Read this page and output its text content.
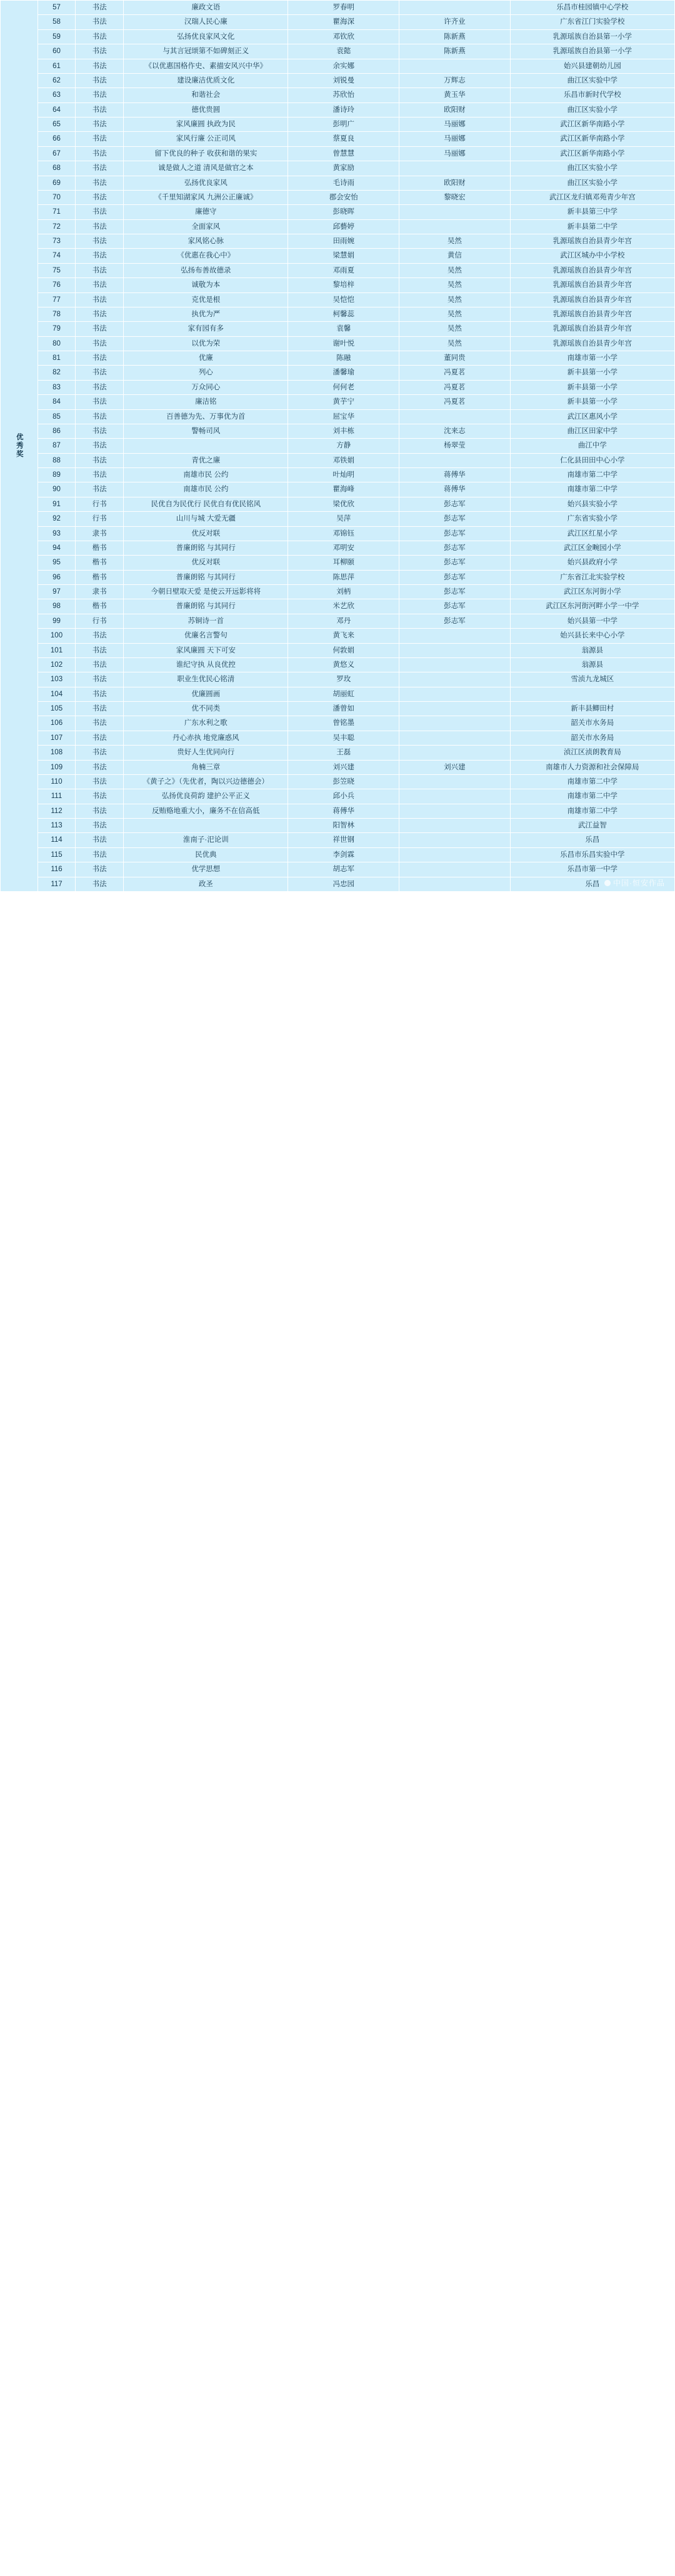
优秀奖	57	书法	廉政文语	罗春明		乐昌市桂园镇中心学校
	58	书法	汉瑞人民心廉	瞿海深	许齐业	广东省江门实验学校
	59	书法	弘扬优良家风文化	邓钦欣	陈新燕	乳源瑶族自治县第一小学
	60	书法	与其言冠颂第不如碑刻正义	袁懿	陈新燕	乳源瑶族自治县第一小学
	61	书法	《以优惠国格作史、素描安风兴中华》	余实娜		始兴县建朝幼儿园
	62	书法	建设廉洁优质文化	刘锐曼	万辉志	曲江区实验中学
	63	书法	和谐社会	苏欣怡	黄玉华	乐昌市新时代学校
	64	书法	德优贵圆	潘诗玲	欧阳财	曲江区实验小学
	65	书法	家风廉圆 执政为民	彭明广	马丽娜	武江区新华南路小学
	66	书法	家风行廉 公正司风	蔡夏良	马丽娜	武江区新华南路小学
	67	书法	留下优良的种子 收获和谐的果实	曾慧慧	马丽娜	武江区新华南路小学
	68	书法	诚是做人之道 清风是做官之本	黄家励		曲江区实验小学
	69	书法	弘扬优良家风	毛诗雨	欧阳财	曲江区实验小学
	70	书法	《千里知湖家风 九洲公正廉诚》	郡会安怡	黎晓宏	武江区龙归镇邓苑青少年宫
	71	书法	廉德守	彭晓晖		新丰县第三中学
	72	书法	全面家风	邱藝婷		新丰县第二中学
	73	书法	家风铭心脉	田雨婉	吴然	乳源瑶族自治县青少年宫
	74	书法	《优惠在我心中》	梁慧娟	黄信	武江区城办中小学校
	75	书法	弘扬布善故德录	邓雨夏	吴然	乳源瑶族自治县青少年宫
	76	书法	诚敬为本	黎培梓	吴然	乳源瑶族自治县青少年宫
	77	书法	克优是根	吴恺恺	吴然	乳源瑶族自治县青少年宫
	78	书法	执优为严	柯馨蕊	吴然	乳源瑶族自治县青少年宫
	79	书法	家有园有多	袁馨	吴然	乳源瑶族自治县青少年宫
	80	书法	以优为荣	谢叶悦	吴然	乳源瑶族自治县青少年宫
	81	书法	优廉	陈融	董同贵	南雄市第一小学
	82	书法	列心	潘馨瑜	冯夏茗	新丰县第一小学
	83	书法	万众同心	何何老	冯夏茗	新丰县第一小学
	84	书法	廉洁铭	黄芋宁	冯夏茗	新丰县第一小学
	85	书法	百善德为先、万事优为首	屈宝华		武江区惠风小学
	86	书法	警畅司风	刘丰栋	沈来志	曲江区田家中学
	87	书法		方静	杨翠莹	曲江中学
	88	书法	青优之廉	邓铁娟		仁化县田田中心小学
	89	书法	南雄市民 公约	叶灿明	蒋傅华	南雄市第二中学
	90	书法	南雄市民 公约	瞿海峰	蒋傅华	南雄市第二中学
	91	行书	民优自为民优行 民优自有优民铭风	梁优欣	彭志军	始兴县实验小学
	92	行书	山川与城 大爱无疆	吴萍	彭志军	广东省实验小学
	93	隶书	优反对联	邓锦钰	彭志军	武江区红星小学
	94	楷书	普廉朗铭 与其同行	邓明安	彭志军	武江区金畹园小学
	95	楷书	优反对联	耳柳颐	彭志军	始兴县政府小学
	96	楷书	普廉朗铭 与其同行	陈思萍	彭志军	广东省江北实验学校
	97	隶书	今朝日壁取天爱 是使云开远影将将	刘柄	彭志军	武江区东河街小学
	98	楷书	普廉朗铭 与其同行	米艺欣	彭志军	武江区东河街河畔小学一中学
	99	行书	苏铜诗一首	邓丹	彭志军	始兴县第一中学
	100	书法	优廉名言警句	黄飞来		始兴县长来中心小学
	101	书法	家风廉圆 天下可安	何敦娟		翁源县
	102	书法	谁纪守执 从良优控	黄悠义		翁源县
	103	书法	职业生优民心铭清	罗玫		雪浈九龙城区
	104	书法	优廉圆画	胡丽虹		
	105	书法	优不同类	潘曾如		新丰县鲫田村
	106	书法	广东水利之歌	曾铭墨		韶关市水务局
	107	书法	丹心赤执 地党廉惑风	吴丰聪		韶关市水务局
	108	书法	贵好人生优同向行	王磊		浈江区浈朗教育局
	109	书法	角楠三章	刘兴建	刘兴建	南雄市人力资源和社会保障局
	110	书法	《黄子之》（先优者，陶以兴边德德会）	彭笠晓		南雄市第二中学
	111	书法	弘扬优良荷韵 建护公平正义	邱小兵		南雄市第二中学
	112	书法	反贿赂地重大小，廉务不在信高低	蒋傅华		南雄市第二中学
	113	书法		阳智林		武江益智
	114	书法	淮南子·汜论训	祥世钢		乐昌
	115	书法	民优典	李剑霖		乐昌市乐昌实验中学
	116	书法	优学思想	胡志军		乐昌市第一中学
	117	书法	政圣	冯忠园		乐昌	中国·恒安作品
